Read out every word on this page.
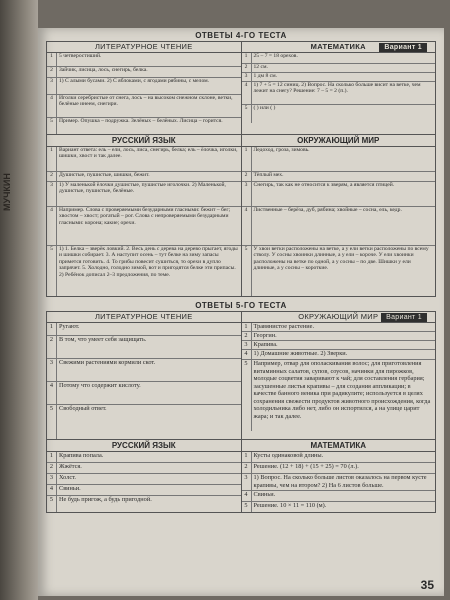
МУЧКИН
ОТВЕТЫ 4-ГО ТЕСТА
ЛИТЕРАТУРНОЕ ЧТЕНИЕ
1	5 четверостиший.
2	Зайчик, лисица, лось, снегирь, белка.
3	1) С алыми бусами. 2) С яблоками, с ягодами рябины, с мелом.
4	Иголки серебристые от снега, лось – на высоком снежном склоне, ветки, белёные инеем, снегири.
5	Пример. Опушка – подружка. Зелёных – белёных. Лисица – горится.
МАТЕМАТИКА	Вариант 1
1	25 – 7 = 18 орехов.
2	12 см.
3	1 дм 8 см.
4	1) 7 + 5 = 12 синиц. 2) Вопрос. На сколько больше висит на ветке, чем лежит на снегу? Решение: 7 – 5 = 2 (п.).
5	( ) или ( )
РУССКИЙ ЯЗЫК
1	Вариант ответа: ель – ели, лось, лиса, снегирь, белка; ель – ёлочка, иголки, шишки, хвост и так далее.
2	Душистые, пушистые, шишки, бежит.
3	1) У маленькой ёлочки душистые, пушистые иголочки. 2) Маленькой, душистые, пушистые, белёные.
4	Например. Слова с проверяемыми безударными гласными: бежит – бег; хвостом – хвост; рогатый – рог. Слова с непроверяемыми безударными гласными: корона; какие; орехи.
5	1) 1. Белка – зверёк ловкий. 2. Весь день с дерева на дерево прыгает, ягоды и шишки собирает. 3. А наступит осень – тут белке на зиму запасы примется готовить. 4. То грибы повесит сушиться, то орехи в дупло запрячет. 5. Холодно, голодно зимой, вот и пригодятся белке эти припасы. 2) Ребёнок дописал 2–3 предложения, по теме.
ОКРУЖАЮЩИЙ МИР
1	Ледоход, гроза, зимовь.
2	Тёплый мех.
3	Снегирь, так как не относится к зверям, а является птицей.
4	Лиственные – берёза, дуб, рябина; хвойные – сосна, ель, кедр.
5	У хвои ветки расположены на ветке, а у ели ветки расположены по всему стволу. У сосны хвоинки длинные, а у ели – короче. У ели хвоинки расположены на ветке по одной, а у сосны – по две. Шишки у ели длинные, а у сосны – короткие.
ОТВЕТЫ 5-ГО ТЕСТА
ЛИТЕРАТУРНОЕ ЧТЕНИЕ
1 Ругают.
2 В том, что умеет себя защищать.
3 Свежими растениями кормили скот.
4 Потому что содержит кислоту.
5 Свободный ответ.
ОКРУЖАЮЩИЙ МИР	Вариант 1
1 Травянистое растение.
2 Георгин.
3 Крапива.
4 1) Домашние животные. 2) Зверки.
5 Например, отвар для ополаскивания волос; для приготовления витаминных салатов, супов, соусов, начинки для пирожков, молодые соцветия заваривают к чай; для составления гербария; засушенные листья крапивы – для создания аппликации; в качестве банного веника при радикулите; используется в целях сохранения свежести продуктов животного происхождения, когда холодильника либо нет, либо он испортился, а на улице царит жара; и так далее.
РУССКИЙ ЯЗЫК
1 Крапива попала.
2 Жжётся.
3 Холст.
4 Свиньи.
5 Не будь пригож, а будь пригодной.
МАТЕМАТИКА
1 Кусты одинаковой длины.
2 Решение. (12 + 18) + (15 + 25) = 70 (л.).
3 1) Вопрос. На сколько больше листов оказалось на первом кусте крапивы, чем на втором? 2) На 6 листов больше.
4 Свиньи.
5 Решение. 10 × 11 = 110 (м).
35
